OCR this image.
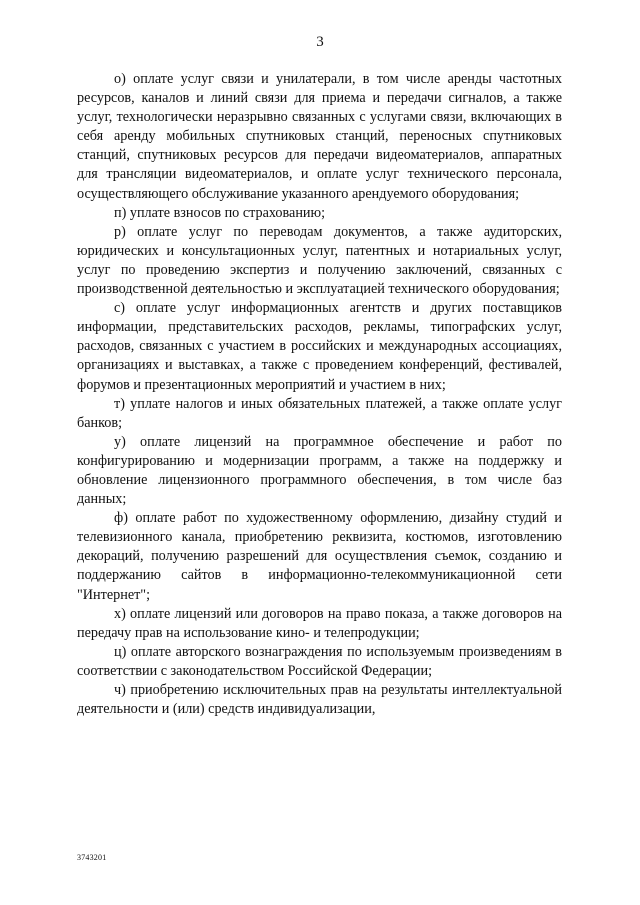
3

о) оплате услуг связи и унилатерали, в том числе аренды частотных ресурсов, каналов и линий связи для приема и передачи сигналов, а также услуг, технологически неразрывно связанных с услугами связи, включающих в себя аренду мобильных спутниковых станций, переносных спутниковых станций, спутниковых ресурсов для передачи видеоматериалов, аппаратных для трансляции видеоматериалов, и оплате услуг технического персонала, осуществляющего обслуживание указанного арендуемого оборудования;

п) уплате взносов по страхованию;

р) оплате услуг по переводам документов, а также аудиторских, юридических и консультационных услуг, патентных и нотариальных услуг, услуг по проведению экспертиз и получению заключений, связанных с производственной деятельностью и эксплуатацией технического оборудования;

с) оплате услуг информационных агентств и других поставщиков информации, представительских расходов, рекламы, типографских услуг, расходов, связанных с участием в российских и международных ассоциациях, организациях и выставках, а также с проведением конференций, фестивалей, форумов и презентационных мероприятий и участием в них;

т) уплате налогов и иных обязательных платежей, а также оплате услуг банков;

у) оплате лицензий на программное обеспечение и работ по конфигурированию и модернизации программ, а также на поддержку и обновление лицензионного программного обеспечения, в том числе баз данных;

ф) оплате работ по художественному оформлению, дизайну студий и телевизионного канала, приобретению реквизита, костюмов, изготовлению декораций, получению разрешений для осуществления съемок, созданию и поддержанию сайтов в информационно-телекоммуникационной сети "Интернет";

х) оплате лицензий или договоров на право показа, а также договоров на передачу прав на использование кино- и телепродукции;

ц) оплате авторского вознаграждения по используемым произведениям в соответствии с законодательством Российской Федерации;

ч) приобретению исключительных прав на результаты интеллектуальной деятельности и (или) средств индивидуализации,

3743201
